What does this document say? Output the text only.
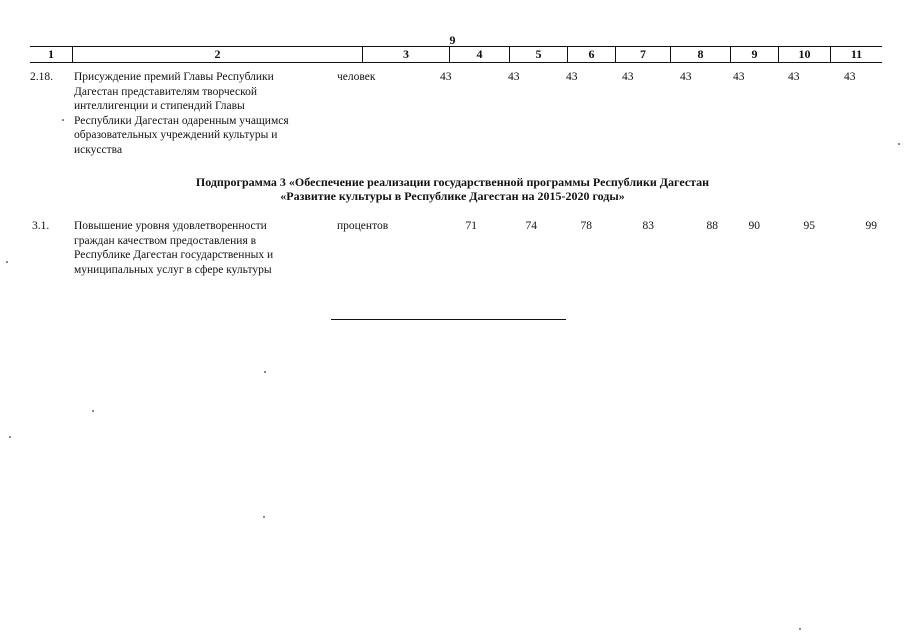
9
1	2	3	4	5	6	7	8	9	10	11
2.18. Присуждение премий Главы Республики
Дагестан представителям творческой
интеллигенции и стипендий Главы
Республики Дагестан одаренным учащимся
образовательных учреждений культуры и
искусства
человек	43	43	43	43	43	43	43	43
Подпрограмма 3 «Обеспечение реализации государственной программы Республики Дагестан
«Развитие культуры в Республике Дагестан на 2015-2020 годы»
3.1. Повышение уровня удовлетворенности
граждан качеством предоставления в
Республике Дагестан государственных и
муниципальных услуг в сфере культуры
процентов	71	74	78	83	88	90	95	99
